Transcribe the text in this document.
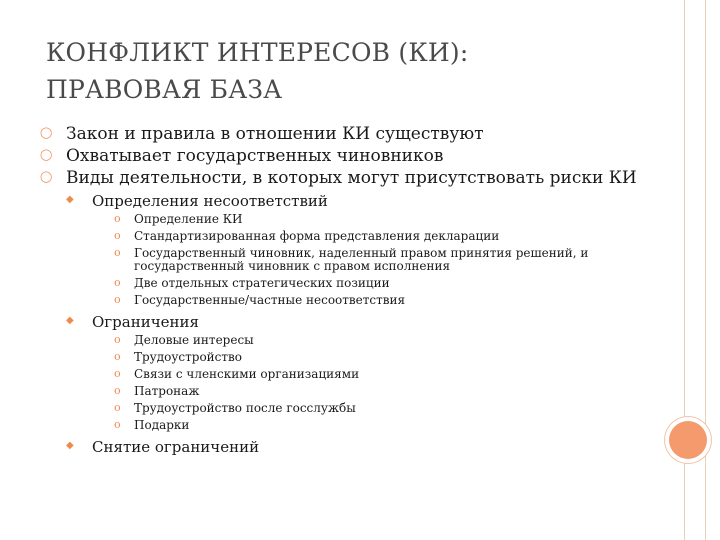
КОНФЛИКТ ИНТЕРЕСОВ (КИ):
ПРАВОВАЯ БАЗА
◯ Закон и правила в отношении КИ существуют
◯ Охватывает государственных чиновников
◯ Виды деятельности, в которых могут присутствовать риски КИ
◆ Определения несоответствий
o Определение КИ
o Стандартизированная форма представления декларации
o Государственный чиновник, наделенный правом принятия решений, и государственный чиновник с правом исполнения
o Две отдельных стратегических позиции
o Государственные/частные несоответствия
◆ Ограничения
o Деловые интересы
o Трудоустройство
o Связи с членскими организациями
o Патронаж
o Трудоустройство после госслужбы
o Подарки
◆ Снятие ограничений
